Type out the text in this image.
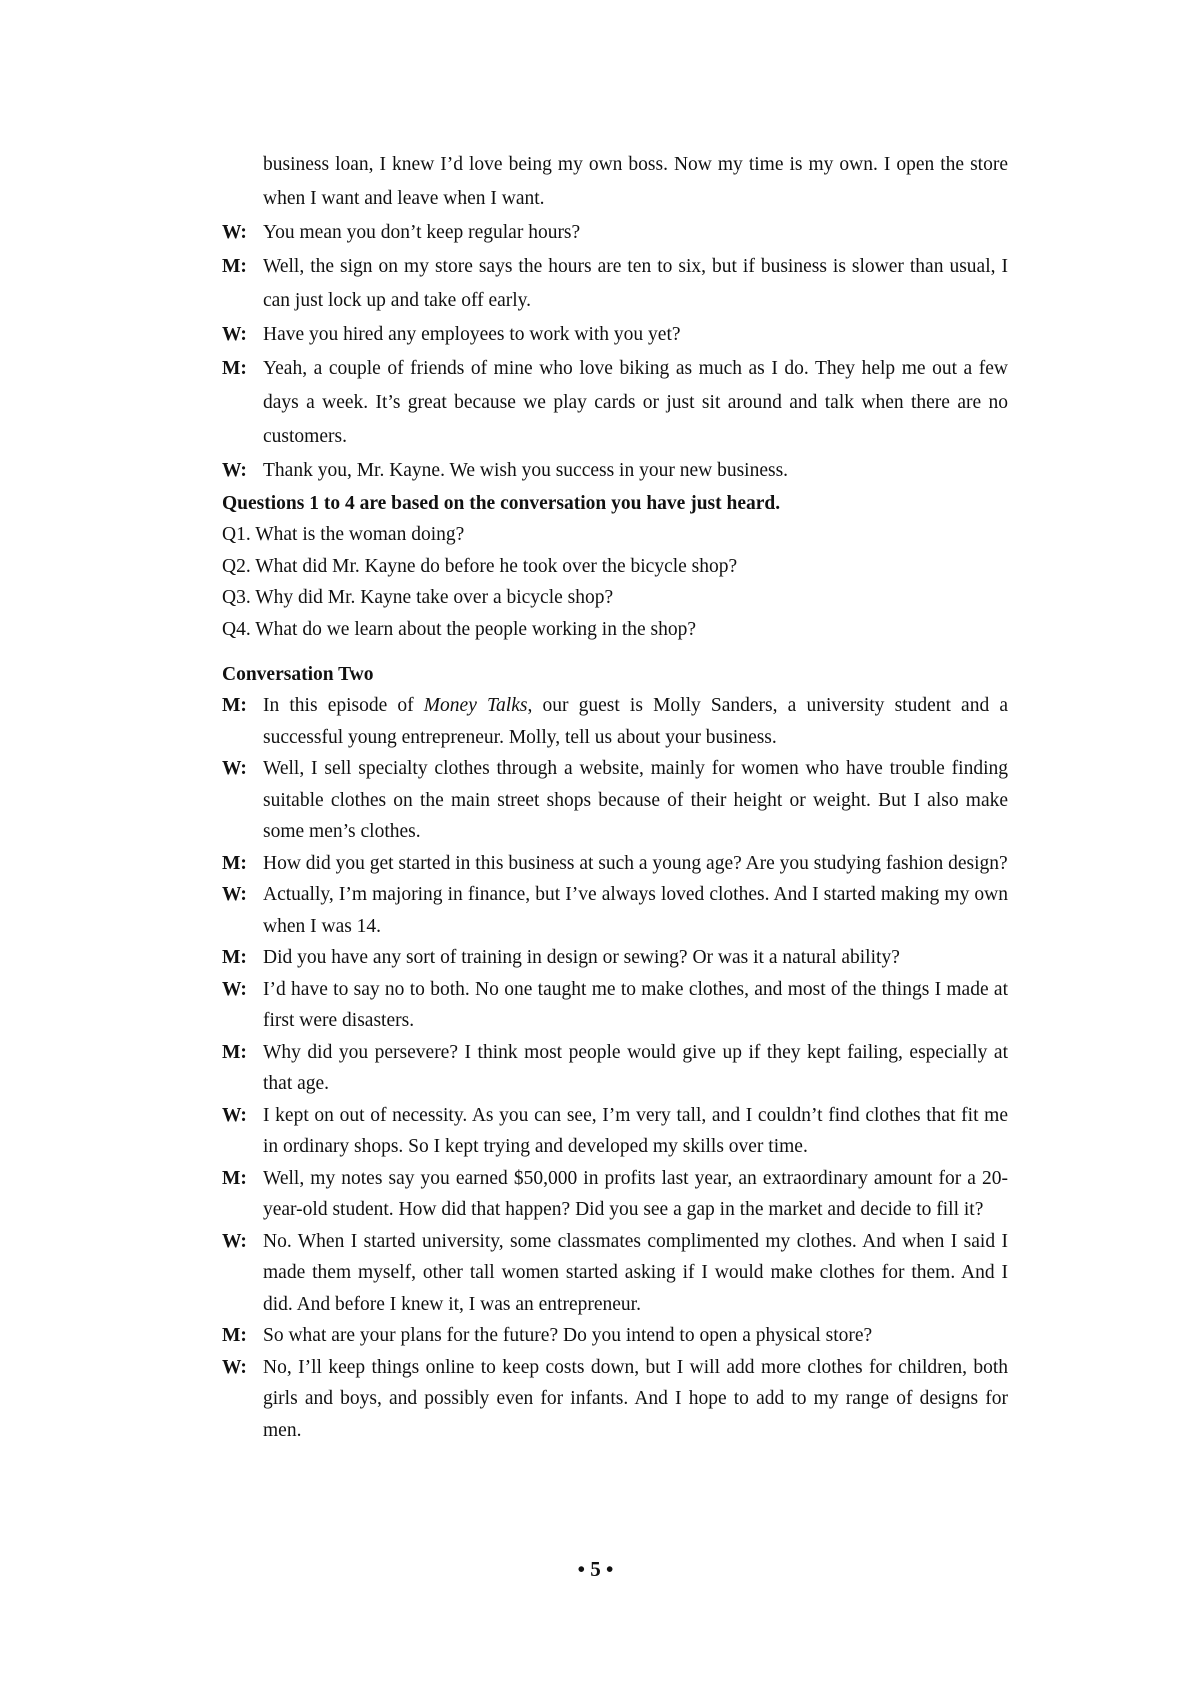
business loan, I knew I’d love being my own boss. Now my time is my own. I open the store when I want and leave when I want.
W: You mean you don’t keep regular hours?
M: Well, the sign on my store says the hours are ten to six, but if business is slower than usual, I can just lock up and take off early.
W: Have you hired any employees to work with you yet?
M: Yeah, a couple of friends of mine who love biking as much as I do. They help me out a few days a week. It’s great because we play cards or just sit around and talk when there are no customers.
W: Thank you, Mr. Kayne. We wish you success in your new business.
Questions 1 to 4 are based on the conversation you have just heard.
Q1. What is the woman doing?
Q2. What did Mr. Kayne do before he took over the bicycle shop?
Q3. Why did Mr. Kayne take over a bicycle shop?
Q4. What do we learn about the people working in the shop?
Conversation Two
M: In this episode of Money Talks, our guest is Molly Sanders, a university student and a successful young entrepreneur. Molly, tell us about your business.
W: Well, I sell specialty clothes through a website, mainly for women who have trouble finding suitable clothes on the main street shops because of their height or weight. But I also make some men’s clothes.
M: How did you get started in this business at such a young age? Are you studying fashion design?
W: Actually, I’m majoring in finance, but I’ve always loved clothes. And I started making my own when I was 14.
M: Did you have any sort of training in design or sewing? Or was it a natural ability?
W: I’d have to say no to both. No one taught me to make clothes, and most of the things I made at first were disasters.
M: Why did you persevere? I think most people would give up if they kept failing, especially at that age.
W: I kept on out of necessity. As you can see, I’m very tall, and I couldn’t find clothes that fit me in ordinary shops. So I kept trying and developed my skills over time.
M: Well, my notes say you earned $50,000 in profits last year, an extraordinary amount for a 20-year-old student. How did that happen? Did you see a gap in the market and decide to fill it?
W: No. When I started university, some classmates complimented my clothes. And when I said I made them myself, other tall women started asking if I would make clothes for them. And I did. And before I knew it, I was an entrepreneur.
M: So what are your plans for the future? Do you intend to open a physical store?
W: No, I’ll keep things online to keep costs down, but I will add more clothes for children, both girls and boys, and possibly even for infants. And I hope to add to my range of designs for men.
• 5 •
